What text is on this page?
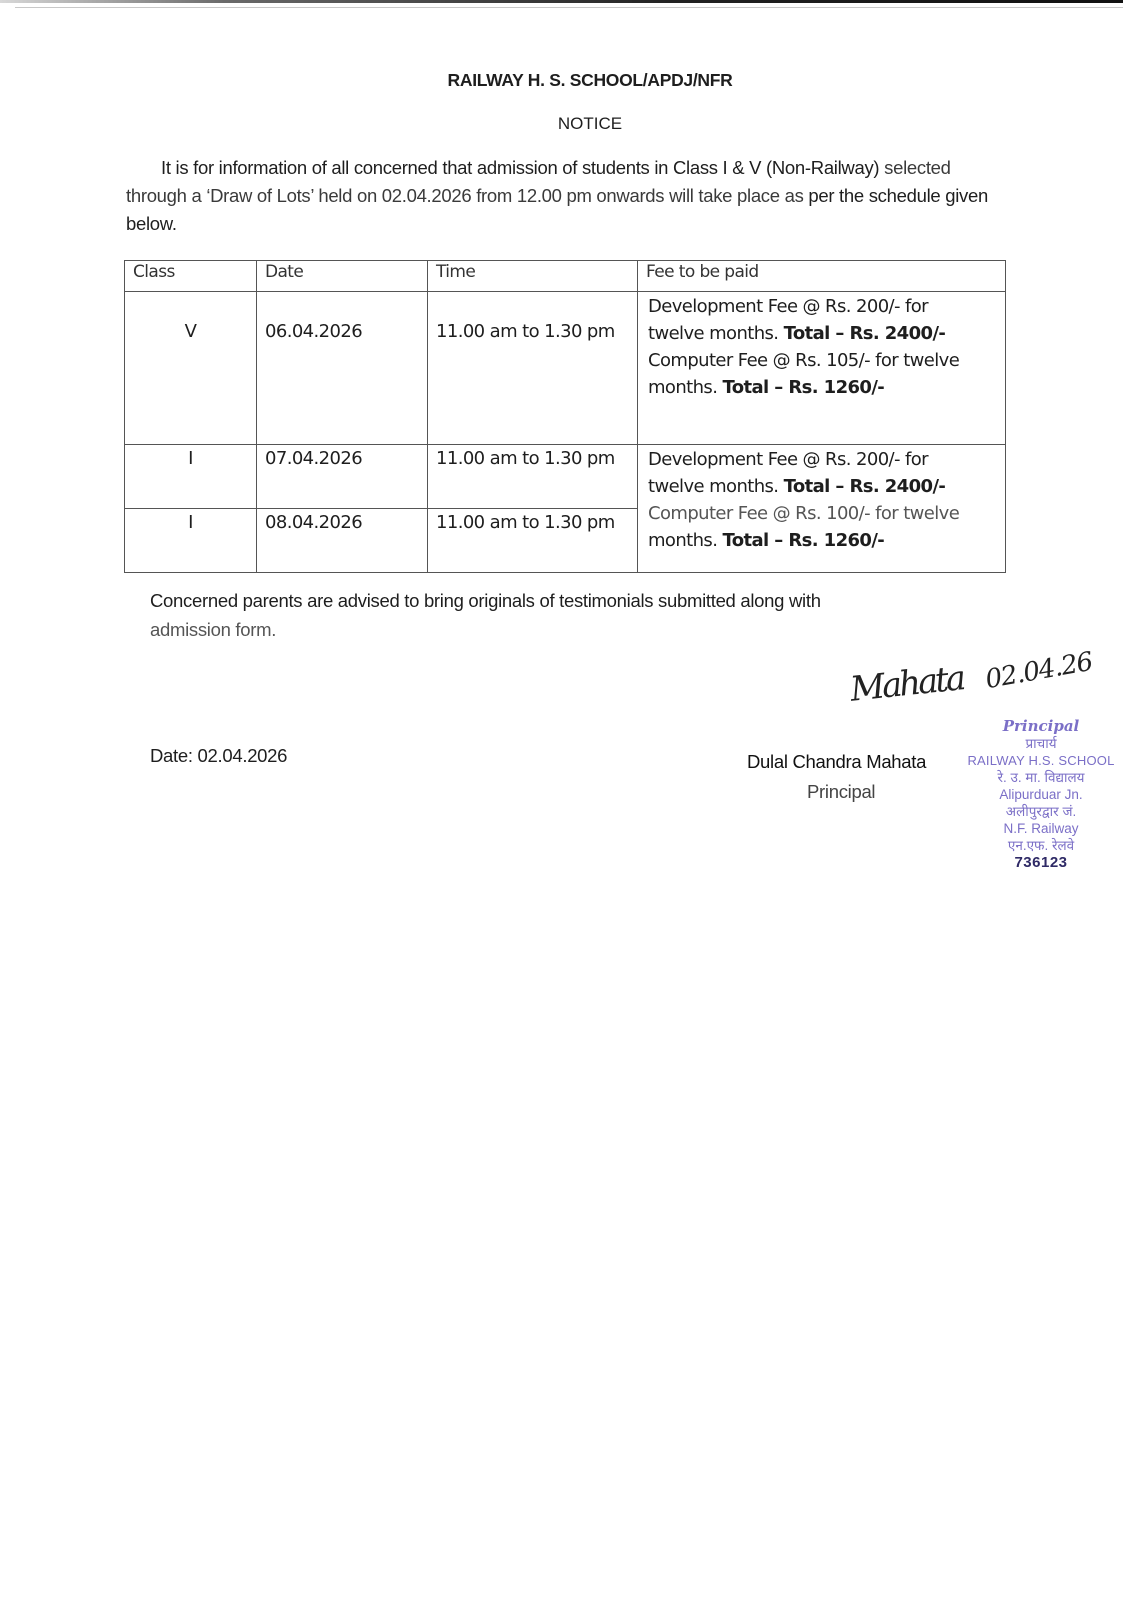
RAILWAY H. S. SCHOOL/APDJ/NFR
NOTICE
It is for information of all concerned that admission of students in Class I & V (Non-Railway) selected through a ‘Draw of Lots’ held on 02.04.2026 from 12.00 pm onwards will take place as per the schedule given below.
Class	Date	Time	Fee to be paid
V	06.04.2026	11.00 am to 1.30 pm	Development Fee @ Rs. 200/- for
twelve months. Total – Rs. 2400/-
Computer Fee @ Rs. 105/- for twelve
months. Total – Rs. 1260/-

I	07.04.2026	11.00 am to 1.30 pm	Development Fee @ Rs. 200/- for
twelve months. Total – Rs. 2400/-
Computer Fee @ Rs. 100/- for twelve
months. Total – Rs. 1260/-

I	08.04.2026	11.00 am to 1.30 pm	
Concerned parents are advised to bring originals of testimonials submitted along with
admission form.
Date: 02.04.2026
Mahata 02.04.26
Dulal Chandra Mahata
Principal
Principal
प्राचार्य
RAILWAY H.S. SCHOOL
रे. उ. मा. विद्यालय
Alipurduar Jn.
अलीपुरद्वार जं.
N.F. Railway
एन.एफ. रेलवे
736123
